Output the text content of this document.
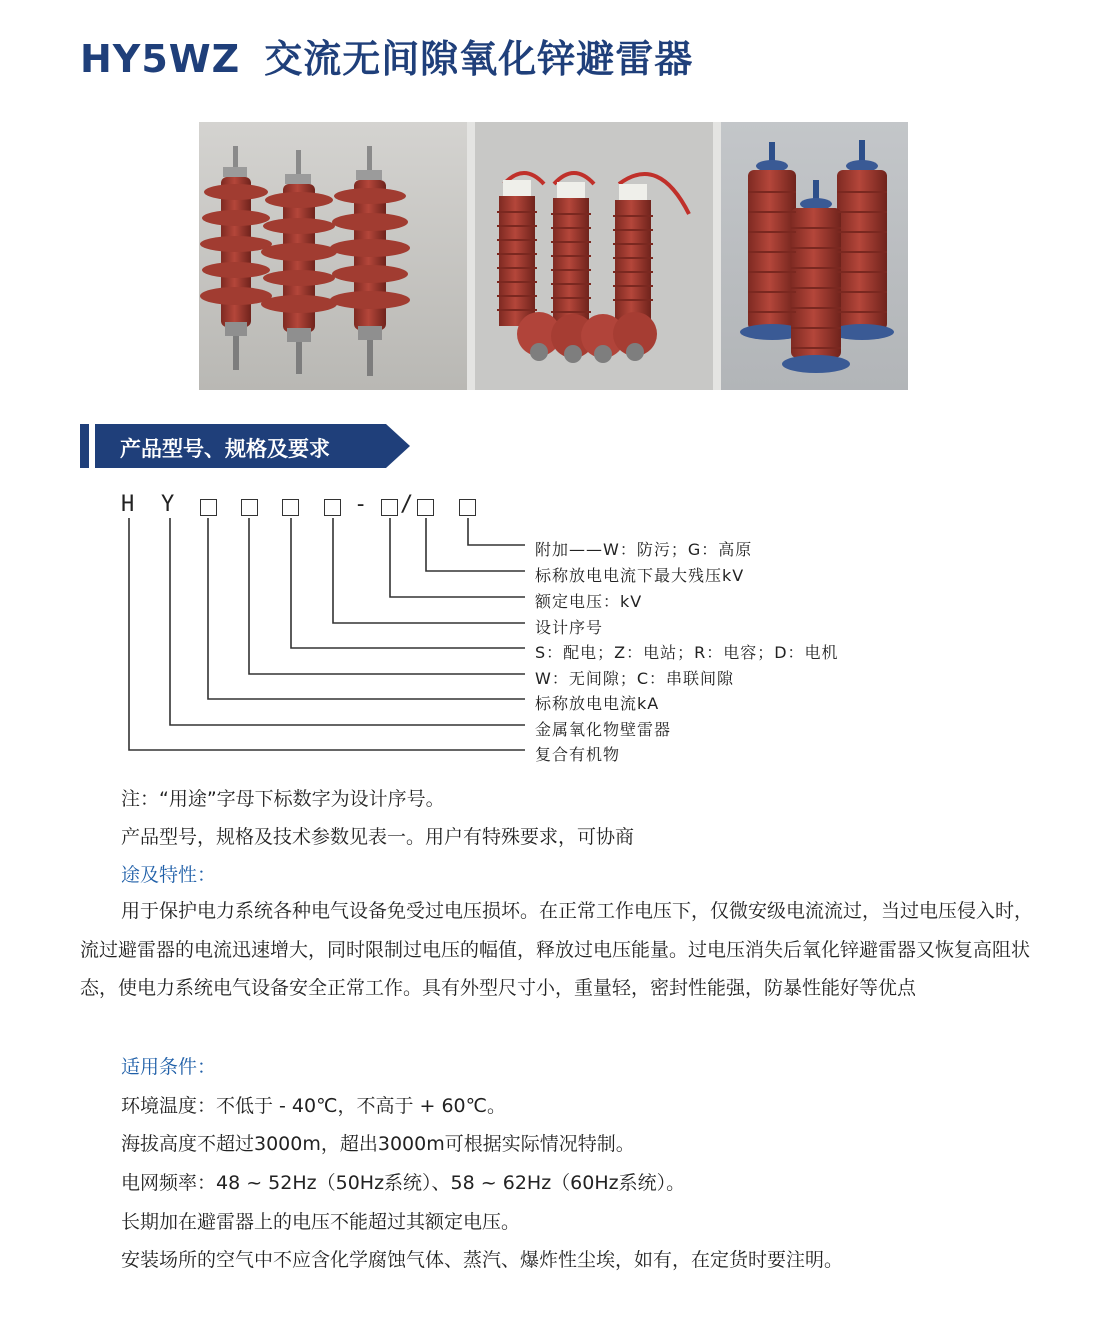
HY5WZ 交流无间隙氧化锌避雷器
产品型号、规格及要求
H Y	- /
附加——W：防污；G：高原
标称放电电流下最大残压kV
额定电压：kV
设计序号
S：配电；Z：电站；R：电容；D：电机
W：无间隙；C：串联间隙
标称放电电流kA
金属氧化物壁雷器
复合有机物

注：“用途”字母下标数字为设计序号。

产品型号，规格及技术参数见表一。用户有特殊要求，可协商

途及特性：

用于保护电力系统各种电气设备免受过电压损坏。在正常工作电压下，仅微安级电流流过，当过电压侵入时，流过避雷器的电流迅速增大，同时限制过电压的幅值，释放过电压能量。过电压消失后氧化锌避雷器又恢复高阻状态，使电力系统电气设备安全正常工作。具有外型尺寸小，重量轻，密封性能强，防暴性能好等优点

适用条件：

环境温度：不低于 - 40℃，不高于 + 60℃。

海拔高度不超过3000m，超出3000m可根据实际情况特制。

电网频率：48 ~ 52Hz（50Hz系统）、58 ~ 62Hz（60Hz系统）。

长期加在避雷器上的电压不能超过其额定电压。

安装场所的空气中不应含化学腐蚀气体、蒸汽、爆炸性尘埃，如有，在定货时要注明。
